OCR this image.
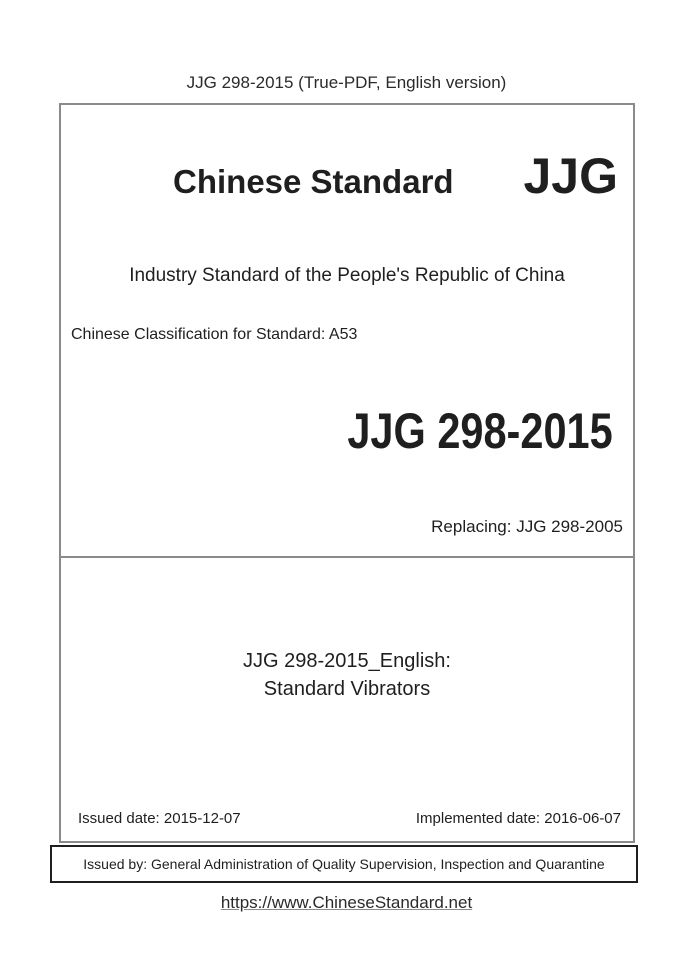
JJG 298-2015 (True-PDF, English version)
Chinese Standard JJG
Industry Standard of the People's Republic of China
Chinese Classification for Standard: A53
JJG 298-2015
Replacing: JJG 298-2005
JJG 298-2015_English:
Standard Vibrators
Issued date: 2015-12-07	Implemented date: 2016-06-07
Issued by: General Administration of Quality Supervision, Inspection and Quarantine
https://www.ChineseStandard.net
